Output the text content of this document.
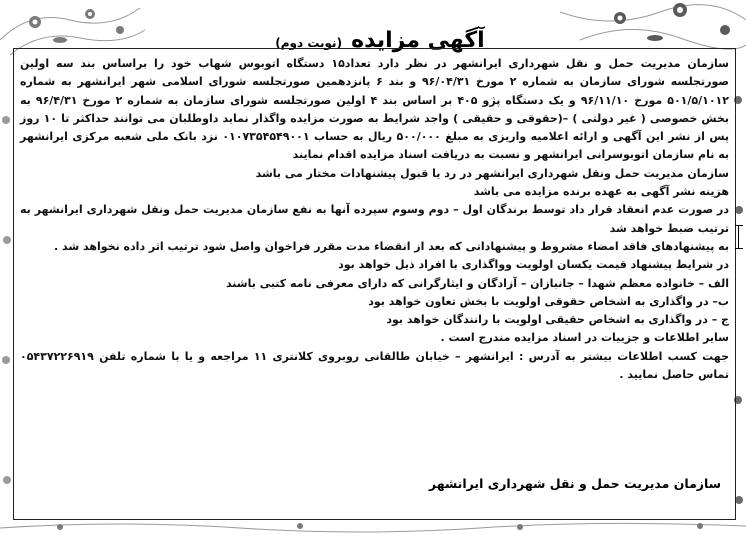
آگهی مزایده (نوبت دوم)

سازمان مدیریت حمل و نقل شهرداری ایرانشهر در نظر دارد تعداد۱۵ دستگاه اتوبوس شهاب خود را براساس بند سه اولین صورتجلسه شورای سازمان به شماره ۲ مورخ ۹۶/۰۴/۳۱ و بند ۶ پانزدهمین صورتجلسه شورای اسلامی شهر ایرانشهر به شماره ۵۰۱/۵/۱۰۱۲ مورخ ۹۶/۱۱/۱۰ و یک دستگاه پژو ۴۰۵ بر اساس بند ۴ اولین صورتجلسه شورای سازمان به شماره ۲ مورخ ۹۶/۴/۳۱ به بخش خصوصی ( غیر دولتی ) –(حقوقی و حقیقی ) واجد شرایط به صورت مزایده واگذار نماید داوطلبان می توانند حداکثر تا ۱۰ روز پس از نشر این آگهی و ارائه اعلامیه واریزی به مبلغ ۵۰۰/۰۰۰ ریال به حساب ۰۱۰۷۳۵۴۵۴۹۰۰۱ نزد بانک ملی شعبه مرکزی ایرانشهر به نام سازمان اتوبوسرانی ایرانشهر و نسبت به دریافت اسناد مزایده اقدام نمایند

سازمان مدیریت حمل ونقل شهرداری ایرانشهر در رد یا قبول پیشنهادات مختار می باشد

هزینه نشر آگهی به عهده برنده مزایده می باشد

در صورت عدم انعقاد قرار داد توسط برندگان اول – دوم وسوم سپرده آنها به نفع سازمان مدیریت حمل ونقل شهرداری ایرانشهر به ترتیب ضبط خواهد شد

به پیشنهادهای فاقد امضاء مشروط و پیشنهاداتی که بعد از انقضاء مدت مقرر فراخوان واصل شود ترتیب اثر داده نخواهد شد .

در شرایط پیشنهاد قیمت یکسان اولویت وواگذاری با افراد ذیل خواهد بود

الف – خانواده معظم شهدا – جانبازان – آزادگان و ایثارگرانی که دارای معرفی نامه کتبی باشند

ب– در واگذاری به اشخاص حقوقی اولویت با بخش تعاون خواهد بود

ج – در واگذاری به اشخاص حقیقی اولویت با رانندگان خواهد بود

سایر اطلاعات و جزییات در اسناد مزایده مندرج است .

جهت کسب اطلاعات بیشتر به آدرس : ایرانشهر – خیابان طالقانی روبروی کلانتری ۱۱ مراجعه و یا با شماره تلفن ۰۵۴۳۷۲۲۶۹۱۹ تماس حاصل نمایید .

سازمان مدیریت حمل و نقل شهرداری ایرانشهر
